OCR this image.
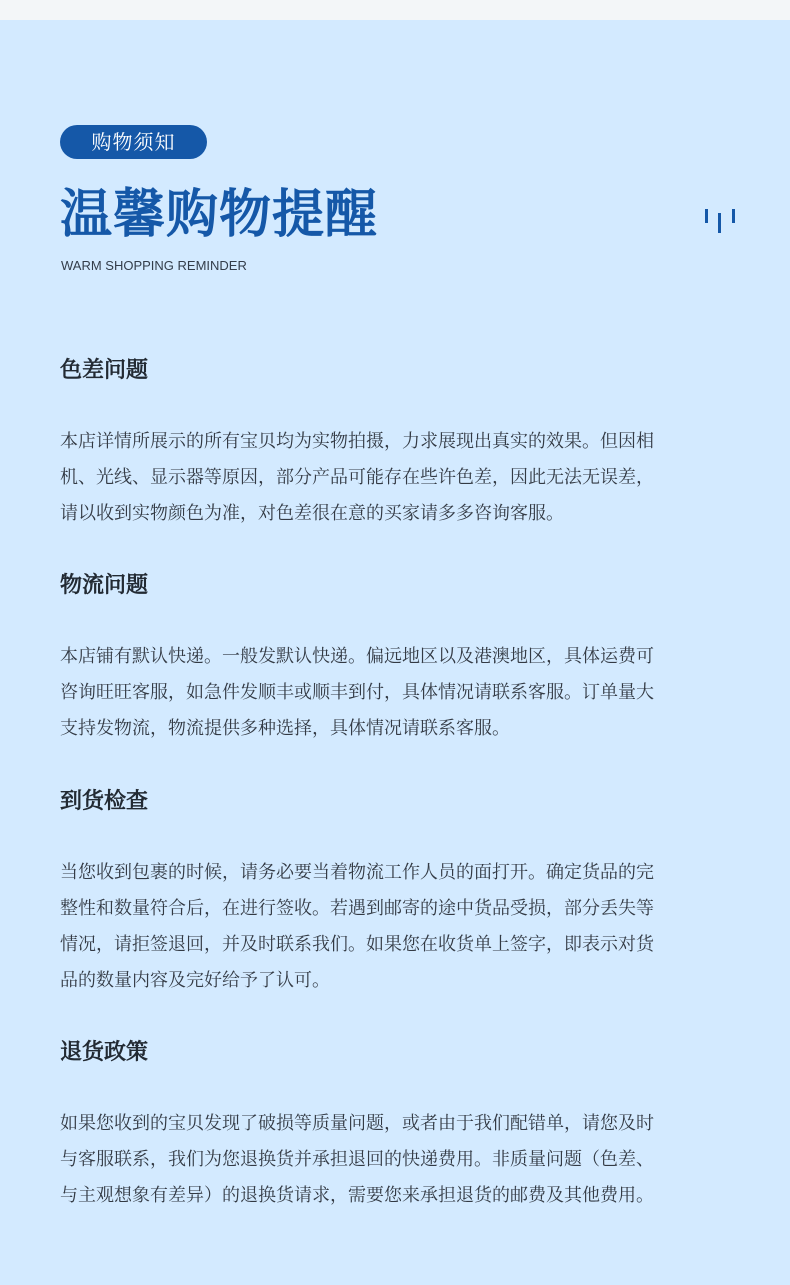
购物须知
温馨购物提醒
WARM SHOPPING REMINDER
色差问题

本店详情所展示的所有宝贝均为实物拍摄，力求展现出真实的效果。但因相
机、光线、显示器等原因，部分产品可能存在些许色差，因此无法无误差，
请以收到实物颜色为准，对色差很在意的买家请多多咨询客服。

物流问题

本店铺有默认快递。一般发默认快递。偏远地区以及港澳地区，具体运费可
咨询旺旺客服，如急件发顺丰或顺丰到付，具体情况请联系客服。订单量大
支持发物流，物流提供多种选择，具体情况请联系客服。

到货检查

当您收到包裹的时候，请务必要当着物流工作人员的面打开。确定货品的完
整性和数量符合后，在进行签收。若遇到邮寄的途中货品受损，部分丢失等
情况，请拒签退回，并及时联系我们。如果您在收货单上签字，即表示对货
品的数量内容及完好给予了认可。

退货政策

如果您收到的宝贝发现了破损等质量问题，或者由于我们配错单，请您及时
与客服联系，我们为您退换货并承担退回的快递费用。非质量问题（色差、
与主观想象有差异）的退换货请求，需要您来承担退货的邮费及其他费用。
